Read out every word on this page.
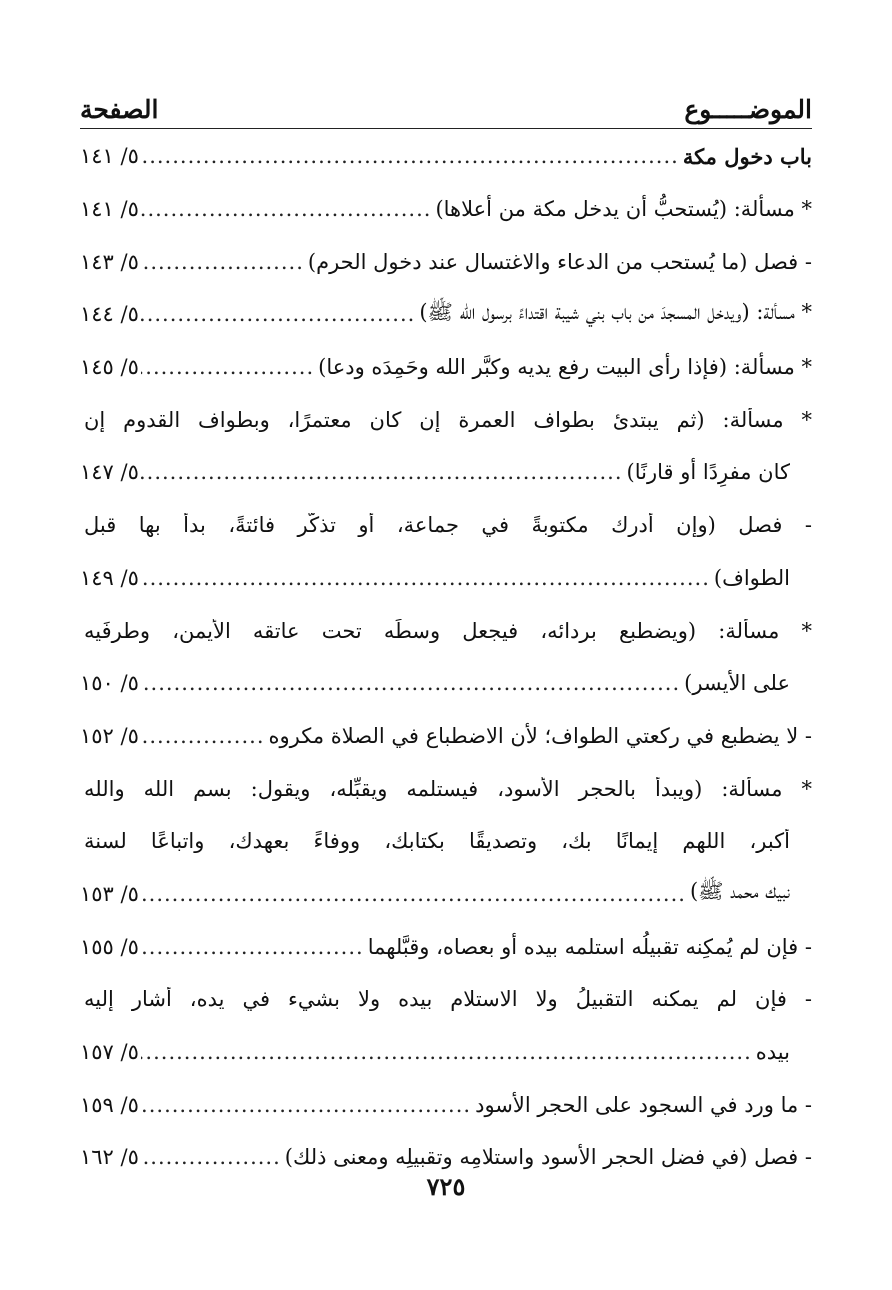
الموضـــــوع
الصفحة
باب دخول مكة
.....
٥/ ١٤١
* مسألة: (يُستحبُّ أن يدخل مكة من أعلاها)
.....
٥/ ١٤١
- فصل (ما يُستحب من الدعاء والاغتسال عند دخول الحرم)
.....
٥/ ١٤٣
* مسألة: (ويدخل المسجدَ من باب بني شيبة اقتداءً برسول الله ﷺ)
.....
٥/ ١٤٤
* مسألة: (فإذا رأى البيت رفع يديه وكبَّر الله وحَمِدَه ودعا)
.....
٥/ ١٤٥
* مسألة: (ثم يبتدئ بطواف العمرة إن كان معتمرًا، وبطواف القدوم إن
كان مفرِدًا أو قارنًا)
.....
٥/ ١٤٧
- فصل (وإن أدرك مكتوبةً في جماعة، أو تذكّر فائتةً، بدأ بها قبل
الطواف)
.....
٥/ ١٤٩
* مسألة: (ويضطبع بردائه، فيجعل وسطَه تحت عاتقه الأيمن، وطرفَيه
على الأيسر)
.....
٥/ ١٥٠
- لا يضطبع في ركعتي الطواف؛ لأن الاضطباع في الصلاة مكروه
.....
٥/ ١٥٢
* مسألة: (ويبدأ بالحجر الأسود، فيستلمه ويقبِّله، ويقول: بسم الله والله
أكبر، اللهم إيمانًا بك، وتصديقًا بكتابك، ووفاءً بعهدك، واتباعًا لسنة
نبيك محمد ﷺ)
.....
٥/ ١٥٣
- فإن لم يُمكِنه تقبيلُه استلمه بيده أو بعصاه، وقبَّلهما
.....
٥/ ١٥٥
- فإن لم يمكنه التقبيلُ ولا الاستلام بيده ولا بشيء في يده، أشار إليه
بيده
.....
٥/ ١٥٧
- ما ورد في السجود على الحجر الأسود
.....
٥/ ١٥٩
- فصل (في فضل الحجر الأسود واستلامِه وتقبيلِه ومعنى ذلك)
.....
٥/ ١٦٢
٧٢٥
